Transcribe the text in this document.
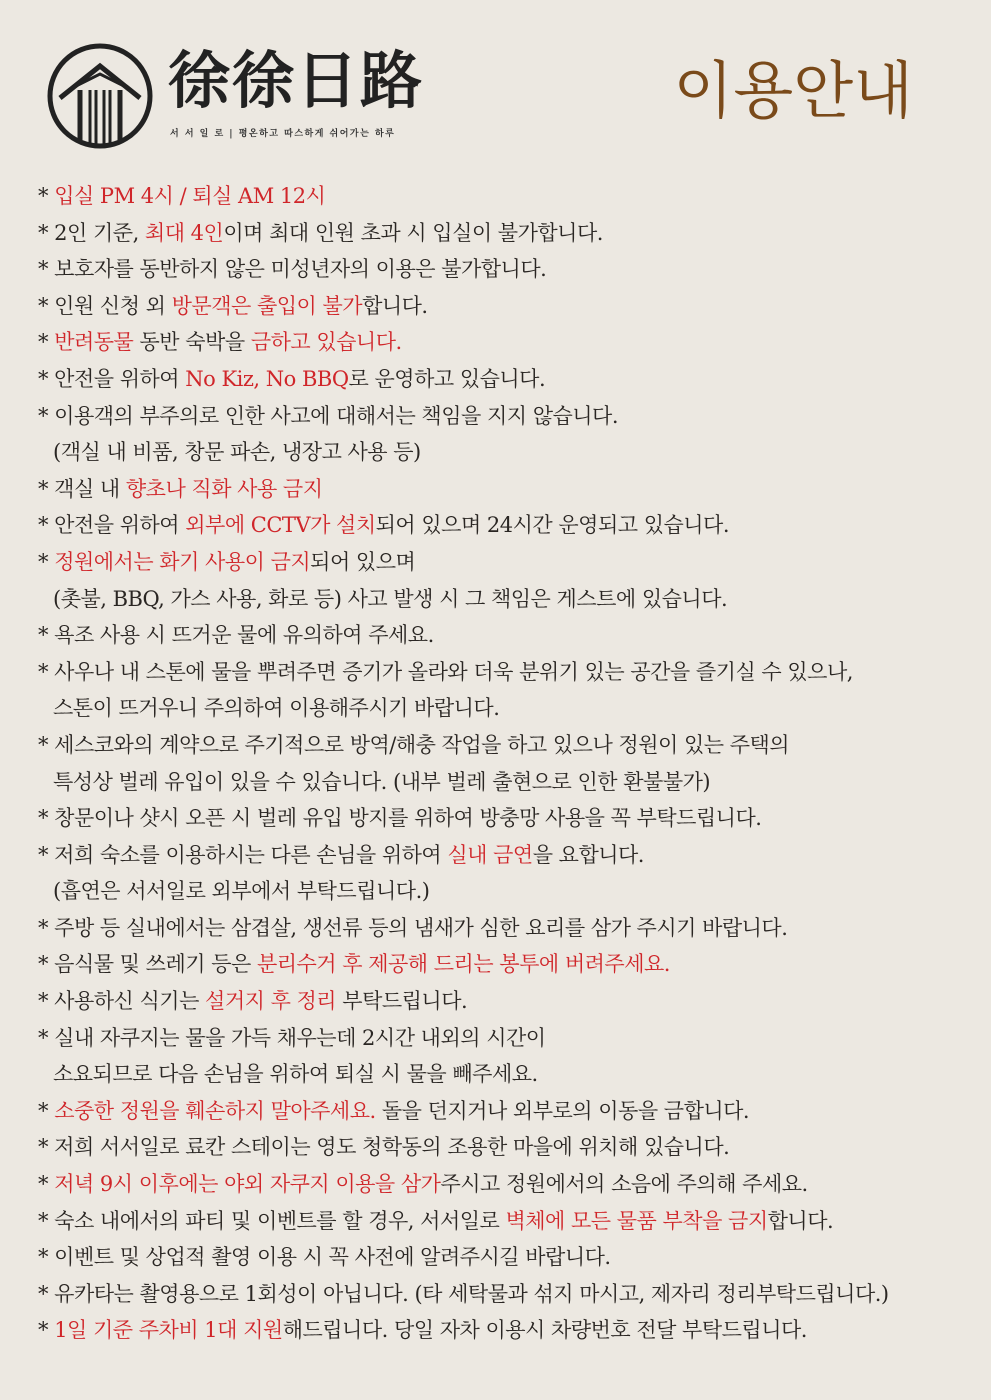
徐徐日路
서 서 일 로 | 평온하고 따스하게 쉬어가는 하루
이용안내
* 입실 PM 4시 / 퇴실 AM 12시
* 2인 기준, 최대 4인이며 최대 인원 초과 시 입실이 불가합니다.
* 보호자를 동반하지 않은 미성년자의 이용은 불가합니다.
* 인원 신청 외 방문객은 출입이 불가합니다.
* 반려동물 동반 숙박을 금하고 있습니다.
* 안전을 위하여 No Kiz, No BBQ로 운영하고 있습니다.
* 이용객의 부주의로 인한 사고에 대해서는 책임을 지지 않습니다.
(객실 내 비품, 창문 파손, 냉장고 사용 등)
* 객실 내 향초나 직화 사용 금지
* 안전을 위하여 외부에 CCTV가 설치되어 있으며 24시간 운영되고 있습니다.
* 정원에서는 화기 사용이 금지되어 있으며
(촛불, BBQ, 가스 사용, 화로 등) 사고 발생 시 그 책임은 게스트에 있습니다.
* 욕조 사용 시 뜨거운 물에 유의하여 주세요.
* 사우나 내 스톤에 물을 뿌려주면 증기가 올라와 더욱 분위기 있는 공간을 즐기실 수 있으나,
스톤이 뜨거우니 주의하여 이용해주시기 바랍니다.
* 세스코와의 계약으로 주기적으로 방역/해충 작업을 하고 있으나 정원이 있는 주택의
특성상 벌레 유입이 있을 수 있습니다. (내부 벌레 출현으로 인한 환불불가)
* 창문이나 샷시 오픈 시 벌레 유입 방지를 위하여 방충망 사용을 꼭 부탁드립니다.
* 저희 숙소를 이용하시는 다른 손님을 위하여 실내 금연을 요합니다.
(흡연은 서서일로 외부에서 부탁드립니다.)
* 주방 등 실내에서는 삼겹살, 생선류 등의 냄새가 심한 요리를 삼가 주시기 바랍니다.
* 음식물 및 쓰레기 등은 분리수거 후 제공해 드리는 봉투에 버려주세요.
* 사용하신 식기는 설거지 후 정리 부탁드립니다.
* 실내 자쿠지는 물을 가득 채우는데 2시간 내외의 시간이
소요되므로 다음 손님을 위하여 퇴실 시 물을 빼주세요.
* 소중한 정원을 훼손하지 말아주세요. 돌을 던지거나 외부로의 이동을 금합니다.
* 저희 서서일로 료칸 스테이는 영도 청학동의 조용한 마을에 위치해 있습니다.
* 저녁 9시 이후에는 야외 자쿠지 이용을 삼가주시고 정원에서의 소음에 주의해 주세요.
* 숙소 내에서의 파티 및 이벤트를 할 경우, 서서일로 벽체에 모든 물품 부착을 금지합니다.
* 이벤트 및 상업적 촬영 이용 시 꼭 사전에 알려주시길 바랍니다.
* 유카타는 촬영용으로 1회성이 아닙니다. (타 세탁물과 섞지 마시고, 제자리 정리부탁드립니다.)
* 1일 기준 주차비 1대 지원해드립니다. 당일 자차 이용시 차량번호 전달 부탁드립니다.
